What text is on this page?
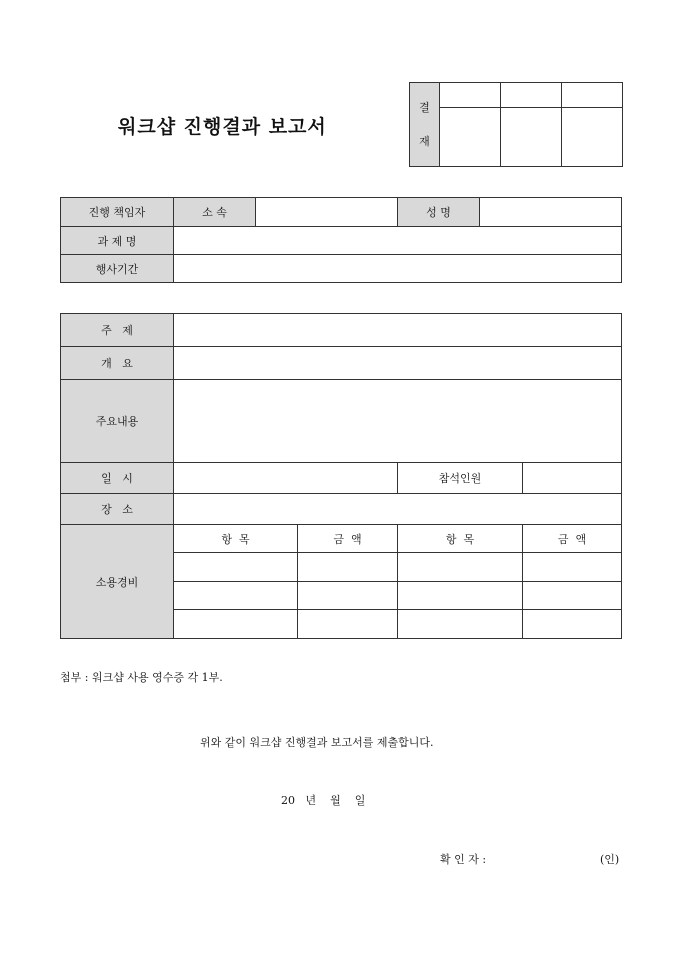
워크샵 진행결과 보고서
결
재			

진행 책임자	소 속		성 명	
과 제 명				
행사기간				
주   제				
개   요				
주요내용				
일   시			참석인원	
장   소				
소용경비	항  목	금  액	항  목	금  액

첨부 : 워크샵 사용 영수증 각 1부.
위와 같이 워크샵 진행결과 보고서를 제출합니다.
20   년    월    일
확 인 자 :	(인)
